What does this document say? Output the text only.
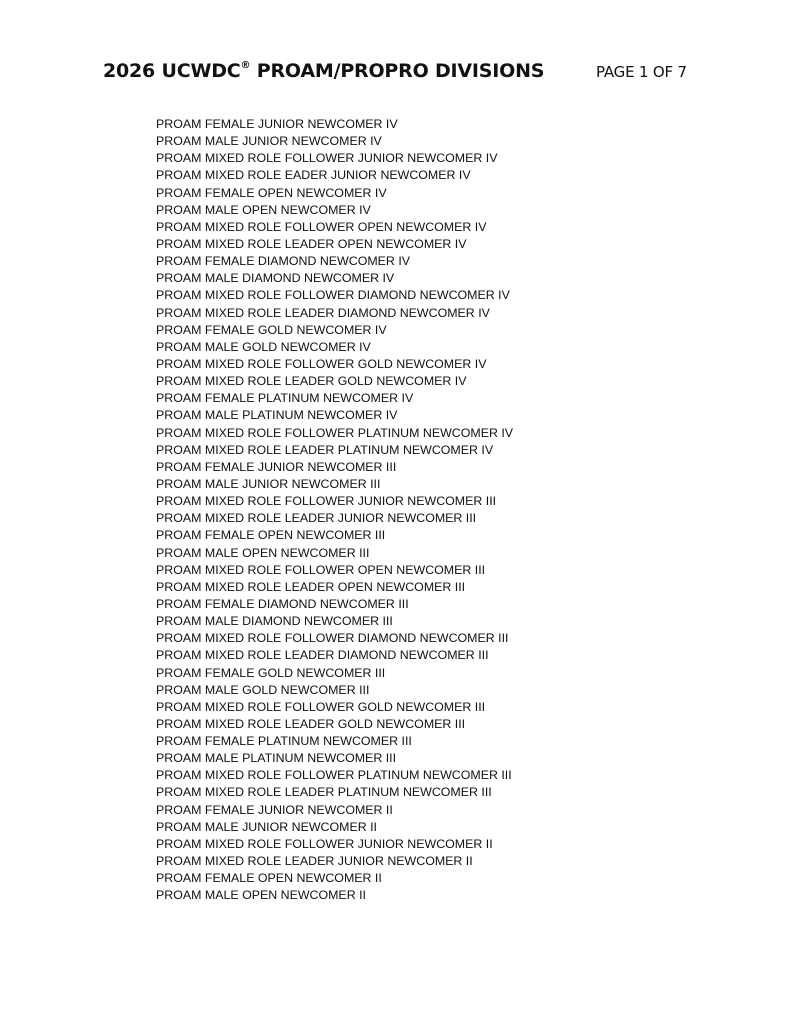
2026 UCWDC® PROAM/PROPRO DIVISIONS	PAGE 1 OF 7
PROAM FEMALE JUNIOR NEWCOMER IV
PROAM MALE JUNIOR NEWCOMER IV
PROAM MIXED ROLE FOLLOWER JUNIOR NEWCOMER IV
PROAM MIXED ROLE EADER JUNIOR NEWCOMER IV
PROAM FEMALE OPEN NEWCOMER IV
PROAM MALE OPEN NEWCOMER IV
PROAM MIXED ROLE FOLLOWER OPEN NEWCOMER IV
PROAM MIXED ROLE LEADER OPEN NEWCOMER IV
PROAM FEMALE DIAMOND NEWCOMER IV
PROAM MALE DIAMOND NEWCOMER IV
PROAM MIXED ROLE FOLLOWER DIAMOND NEWCOMER IV
PROAM MIXED ROLE LEADER DIAMOND NEWCOMER IV
PROAM FEMALE GOLD NEWCOMER IV
PROAM MALE GOLD NEWCOMER IV
PROAM MIXED ROLE FOLLOWER GOLD NEWCOMER IV
PROAM MIXED ROLE LEADER GOLD NEWCOMER IV
PROAM FEMALE PLATINUM NEWCOMER IV
PROAM MALE PLATINUM NEWCOMER IV
PROAM MIXED ROLE FOLLOWER PLATINUM NEWCOMER IV
PROAM MIXED ROLE LEADER PLATINUM NEWCOMER IV
PROAM FEMALE JUNIOR NEWCOMER III
PROAM MALE JUNIOR NEWCOMER III
PROAM MIXED ROLE FOLLOWER JUNIOR NEWCOMER III
PROAM MIXED ROLE LEADER JUNIOR NEWCOMER III
PROAM FEMALE OPEN NEWCOMER III
PROAM MALE OPEN NEWCOMER III
PROAM MIXED ROLE FOLLOWER OPEN NEWCOMER III
PROAM MIXED ROLE LEADER OPEN NEWCOMER III
PROAM FEMALE DIAMOND NEWCOMER III
PROAM MALE DIAMOND NEWCOMER III
PROAM MIXED ROLE FOLLOWER DIAMOND NEWCOMER III
PROAM MIXED ROLE LEADER DIAMOND NEWCOMER III
PROAM FEMALE GOLD NEWCOMER III
PROAM MALE GOLD NEWCOMER III
PROAM MIXED ROLE FOLLOWER GOLD NEWCOMER III
PROAM MIXED ROLE LEADER GOLD NEWCOMER III
PROAM FEMALE PLATINUM NEWCOMER III
PROAM MALE PLATINUM NEWCOMER III
PROAM MIXED ROLE FOLLOWER PLATINUM NEWCOMER III
PROAM MIXED ROLE LEADER PLATINUM NEWCOMER III
PROAM FEMALE JUNIOR NEWCOMER II
PROAM MALE JUNIOR NEWCOMER II
PROAM MIXED ROLE FOLLOWER JUNIOR NEWCOMER II
PROAM MIXED ROLE LEADER JUNIOR NEWCOMER II
PROAM FEMALE OPEN NEWCOMER II
PROAM MALE OPEN NEWCOMER II
